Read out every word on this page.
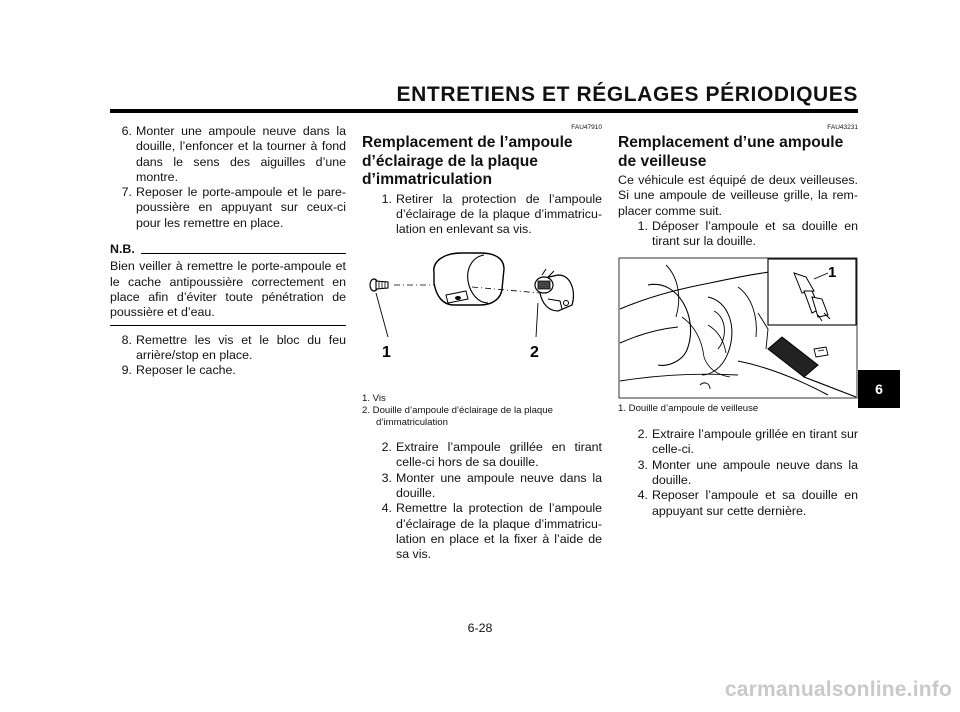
ENTRETIENS ET RÉGLAGES PÉRIODIQUES
6
6. Monter une ampoule neuve dans la douille, l’enfoncer et la tourner à fond dans le sens des aiguilles d’une montre.
7. Reposer le porte-ampoule et le pare-poussière en appuyant sur ceux-ci pour les remettre en place.
N.B.
Bien veiller à remettre le porte-ampoule et le cache antipoussière correctement en place afin d’éviter toute pénétration de poussière et d’eau.
8. Remettre les vis et le bloc du feu arrière/stop en place.
9. Reposer le cache.
FAU47910
Remplacement de l’ampoule d’éclairage de la plaque d’immatriculation
1. Retirer la protection de l’ampoule d’éclairage de la plaque d’immatricu-lation en enlevant sa vis.
1	2
1. Vis
2. Douille d’ampoule d’éclairage de la plaque
d’immatriculation
2. Extraire l’ampoule grillée en tirant celle-ci hors de sa douille.
3. Monter une ampoule neuve dans la douille.
4. Remettre la protection de l’ampoule d’éclairage de la plaque d’immatricu-lation en place et la fixer à l’aide de sa vis.
FAU43231
Remplacement d’une ampoule de veilleuse
Ce véhicule est équipé de deux veilleuses. Si une ampoule de veilleuse grille, la rem-placer comme suit.
1. Déposer l’ampoule et sa douille en tirant sur la douille.
1
1. Douille d’ampoule de veilleuse
2. Extraire l’ampoule grillée en tirant sur celle-ci.
3. Monter une ampoule neuve dans la douille.
4. Reposer l’ampoule et sa douille en appuyant sur cette dernière.
6-28
carmanualsonline.info
